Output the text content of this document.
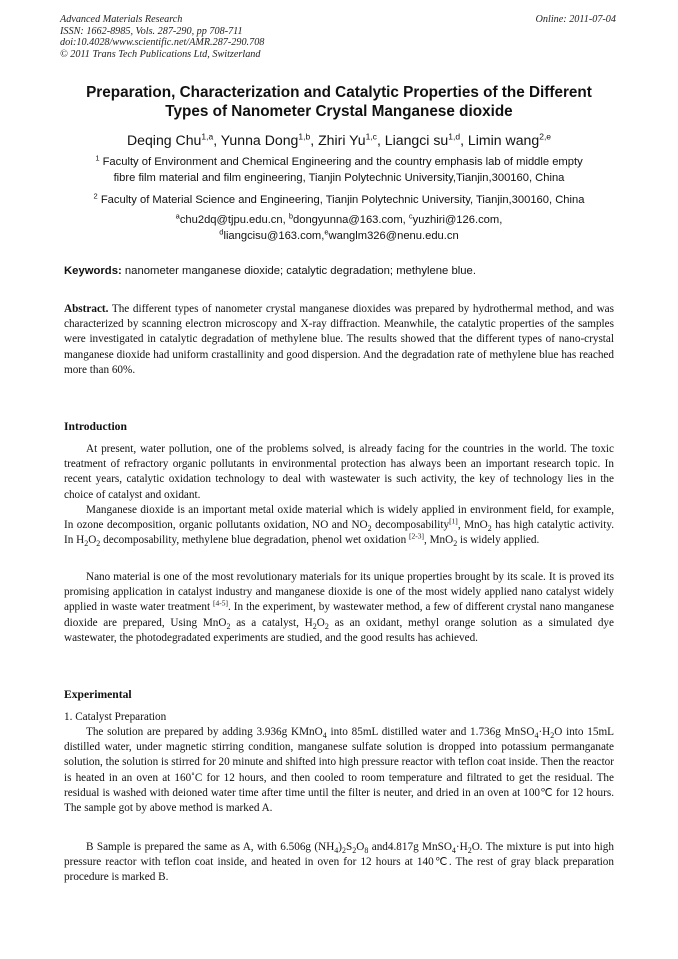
Advanced Materials Research
ISSN: 1662-8985, Vols. 287-290, pp 708-711
doi:10.4028/www.scientific.net/AMR.287-290.708
© 2011 Trans Tech Publications Ltd, Switzerland
Online: 2011-07-04
Preparation, Characterization and Catalytic Properties of the Different
Types of Nanometer Crystal Manganese dioxide
Deqing Chu$^{1,a}$, Yunna Dong$^{1,b}$, Zhiri Yu$^{1,c}$, Liangci su$^{1,d}$, Limin wang$^{2,e}$
$^1$ Faculty of Environment and Chemical Engineering and the country emphasis lab of middle empty
fibre film material and film engineering, Tianjin Polytechnic University,Tianjin,300160, China
$^2$ Faculty of Material Science and Engineering, Tianjin Polytechnic University, Tianjin,300160, China
$^a$chu2dq@tjpu.edu.cn, $^b$dongyunna@163.com, $^c$yuzhiri@126.com,
$^d$liangcisu@163.com,$^e$wanglm326@nenu.edu.cn
Keywords: nanometer manganese dioxide; catalytic degradation; methylene blue.
Abstract. The different types of nanometer crystal manganese dioxides was prepared by hydrothermal method, and was characterized by scanning electron microscopy and X-ray diffraction. Meanwhile, the catalytic properties of the samples were investigated in catalytic degradation of methylene blue. The results showed that the different types of nano-crystal manganese dioxide had uniform crastallinity and good dispersion. And the degradation rate of methylene blue has reached more than 60%.
Introduction
At present, water pollution, one of the problems solved, is already facing for the countries in the world. The toxic treatment of refractory organic pollutants in environmental protection has always been an important research topic. In recent years, catalytic oxidation technology to deal with wastewater is such activity, the key of technology lies in the choice of catalyst and oxidant.
Manganese dioxide is an important metal oxide material which is widely applied in environment field, for example, In ozone decomposition, organic pollutants oxidation, NO and $NO_2$ decomposability[1], MnO$_2$ has high catalytic activity. In $H_2O_2$ decomposability, methylene blue degradation, phenol wet oxidation [2-3], MnO$_2$ is widely applied.
Nano material is one of the most revolutionary materials for its unique properties brought by its scale. It is proved its promising application in catalyst industry and manganese dioxide is one of the most widely applied nano catalyst widely applied in waste water treatment [4-5]. In the experiment, by wastewater method, a few of different crystal nano manganese dioxide are prepared, Using MnO$_2$ as a catalyst, $H_2O_2$ as an oxidant, methyl orange solution as a simulated dye wastewater, the photodegradated experiments are studied, and the good results has achieved.
Experimental
1. Catalyst Preparation
The solution are prepared by adding 3.936g KMnO$_4$ into 85mL distilled water and 1.736g $MnSO_4\cdot H_2O$ into 15mL distilled water, under magnetic stirring condition, manganese sulfate solution is dropped into potassium permanganate solution, the solution is stirred for 20 minute and shifted into high pressure reactor with teflon coat inside. Then the reactor is heated in an oven at 160˚C for 12 hours, and then cooled to room temperature and filtrated to get the residual. The residual is washed with deioned water time after time until the filter is neuter, and dried in an oven at 100℃ for 12 hours. The sample got by above method is marked A.
B Sample is prepared the same as A, with 6.506g $(NH_4)_2S_2O_8$ and4.817g $MnSO_4\cdot H_2O$. The mixture is put into high pressure reactor with teflon coat inside, and heated in oven for 12 hours at 140℃. The rest of gray black preparation procedure is marked B.
